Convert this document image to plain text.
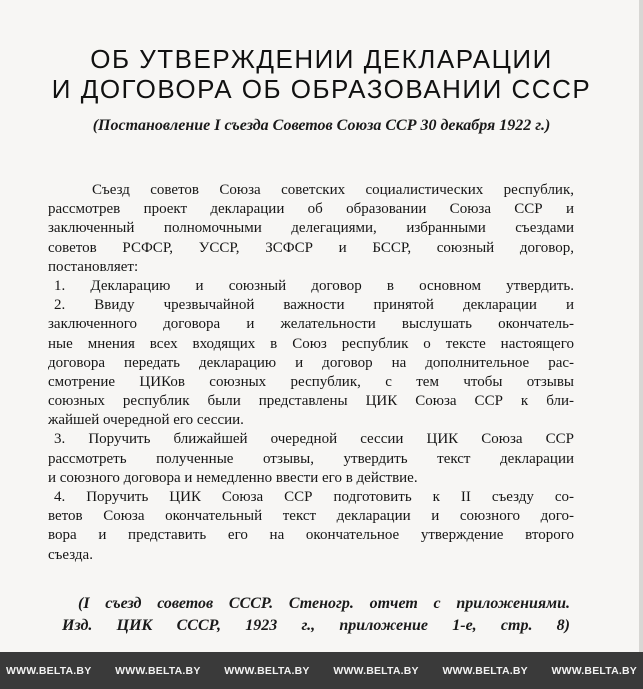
ОБ УТВЕРЖДЕНИИ ДЕКЛАРАЦИИ
И ДОГОВОРА ОБ ОБРАЗОВАНИИ СССР
(Постановление I съезда Советов Союза ССР 30 декабря 1922 г.)
Съезд советов Союза советских социалистических республик,
рассмотрев проект декларации об образовании Союза ССР и
заключенный полномочными делегациями, избранными съездами
советов РСФСР, УССР, ЗСФСР и БССР, союзный договор,
постановляет:
1. Декларацию и союзный договор в основном утвердить.
2. Ввиду чрезвычайной важности принятой декларации и
заключенного договора и желательности выслушать окончатель-
ные мнения всех входящих в Союз республик о тексте настоящего
договора передать декларацию и договор на дополнительное рас-
смотрение ЦИКов союзных республик, с тем чтобы отзывы
союзных республик были представлены ЦИК Союза ССР к бли-
жайшей очередной его сессии.
3. Поручить ближайшей очередной сессии ЦИК Союза ССР
рассмотреть полученные отзывы, утвердить текст декларации
и союзного договора и немедленно ввести его в действие.
4. Поручить ЦИК Союза ССР подготовить к II съезду со-
ветов Союза окончательный текст декларации и союзного дого-
вора и представить его на окончательное утверждение второго
съезда.
(I съезд советов СССР. Стеногр. отчет с приложениями.
Изд. ЦИК СССР, 1923 г., приложение 1-е, стр. 8)
WWW.BELTA.BY WWW.BELTA.BY WWW.BELTA.BY WWW.BELTA.BY WWW.BELTA.BY WWW.BELTA.BY
